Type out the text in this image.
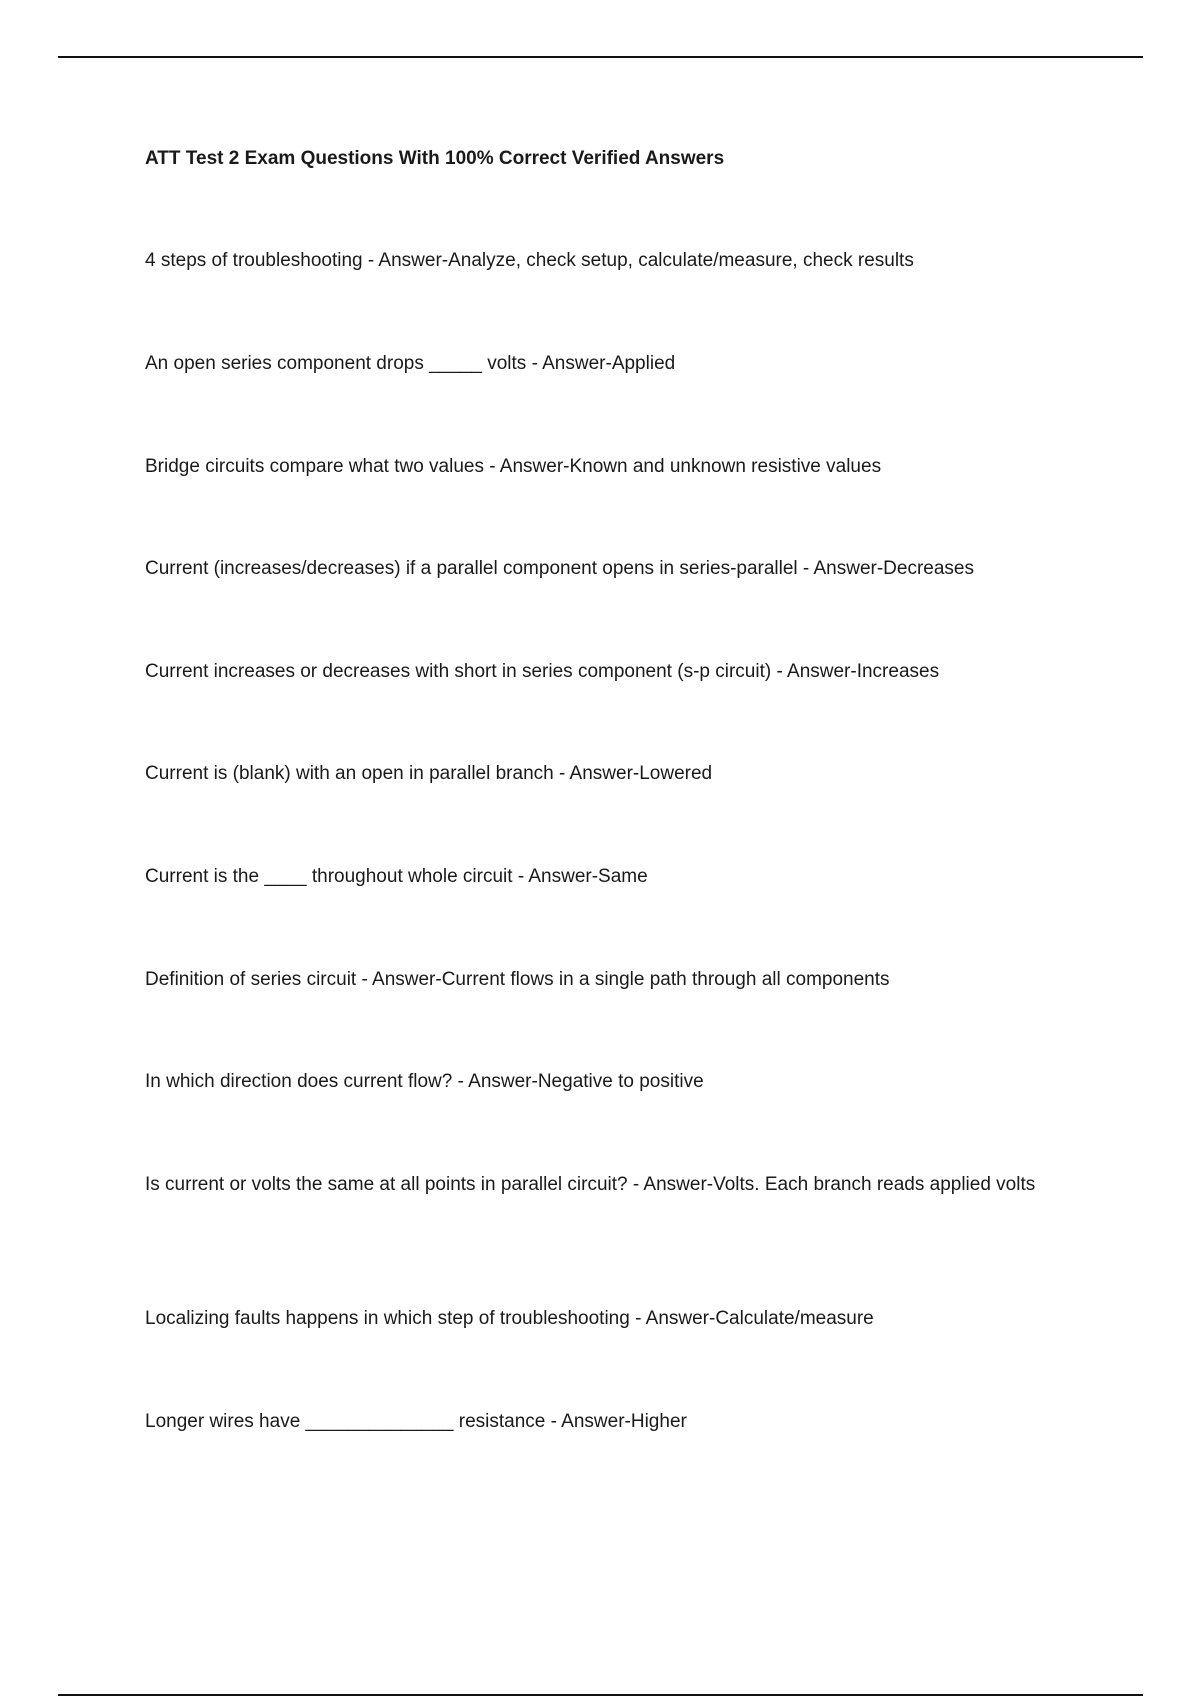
ATT Test 2 Exam Questions With 100% Correct Verified Answers

4 steps of troubleshooting - Answer-Analyze, check setup, calculate/measure, check results

An open series component drops _____ volts - Answer-Applied

Bridge circuits compare what two values - Answer-Known and unknown resistive values

Current (increases/decreases) if a parallel component opens in series-parallel - Answer-Decreases

Current increases or decreases with short in series component (s-p circuit) - Answer-Increases

Current is (blank) with an open in parallel branch - Answer-Lowered

Current is the ____ throughout whole circuit - Answer-Same

Definition of series circuit - Answer-Current flows in a single path through all components

In which direction does current flow? - Answer-Negative to positive

Is current or volts the same at all points in parallel circuit? - Answer-Volts. Each branch reads applied volts

Localizing faults happens in which step of troubleshooting - Answer-Calculate/measure

Longer wires have ______________ resistance - Answer-Higher
